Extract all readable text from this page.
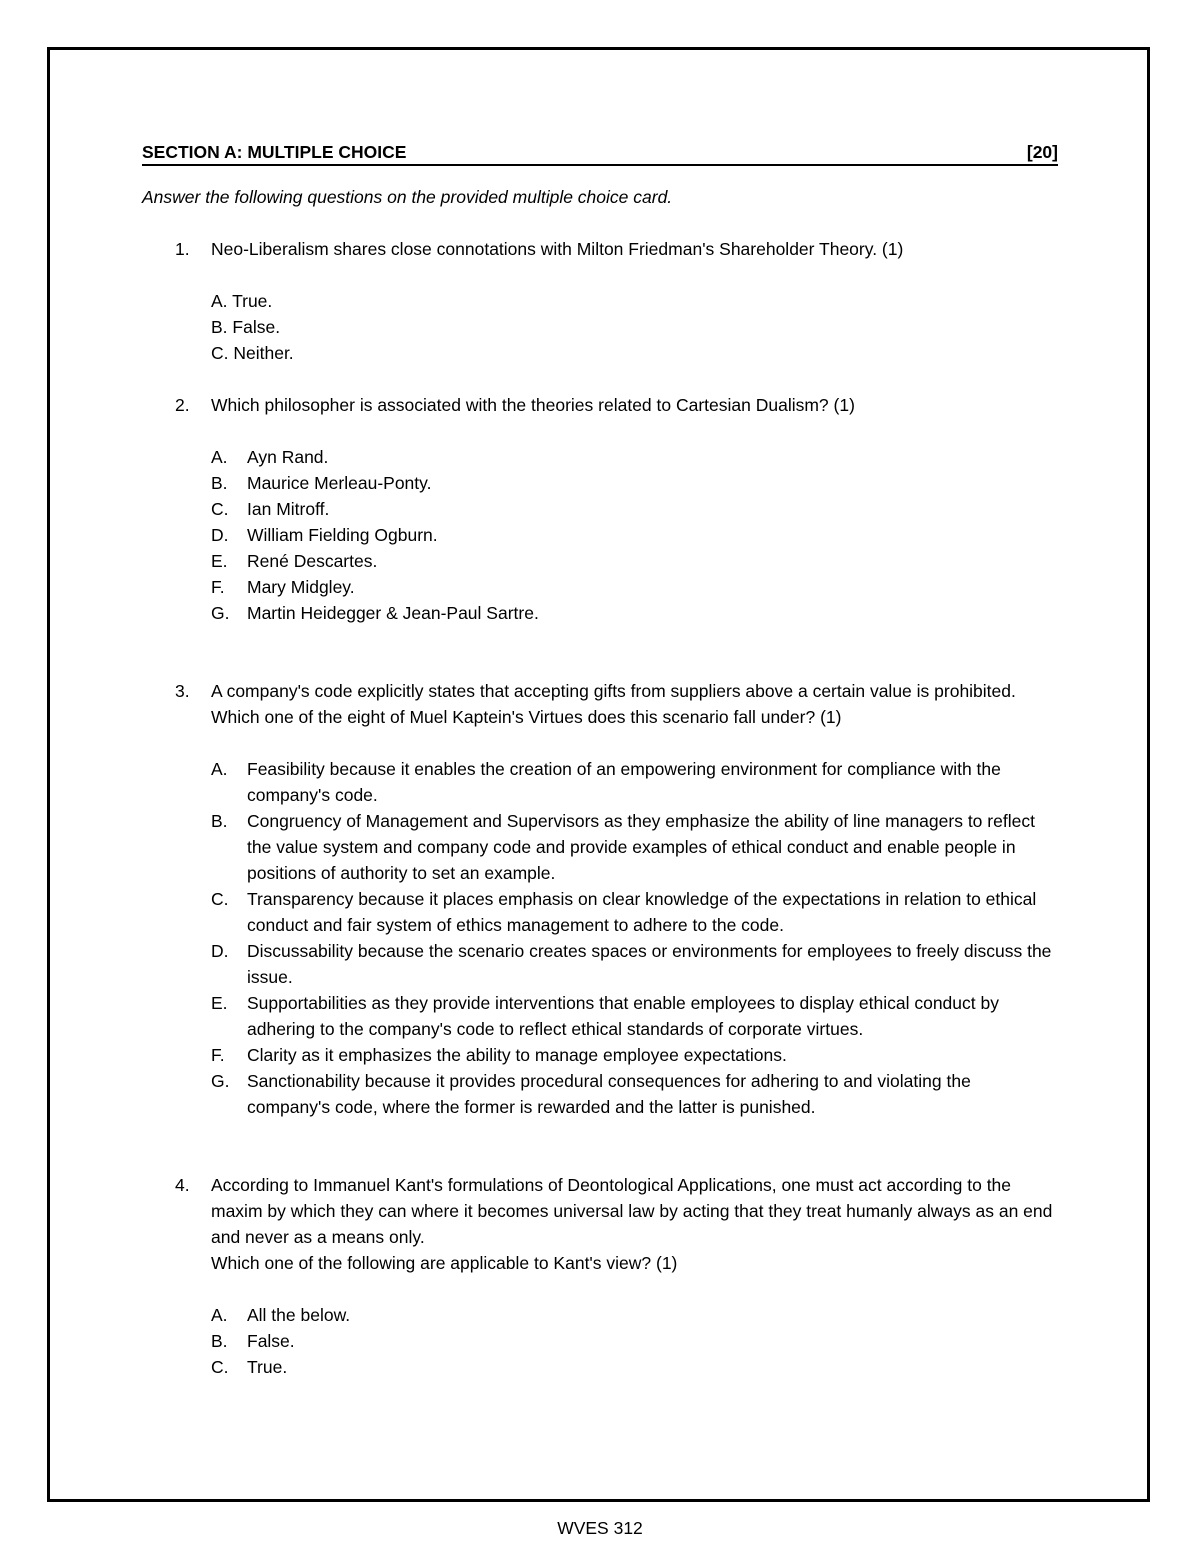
SECTION A: MULTIPLE CHOICE	[20]
Answer the following questions on the provided multiple choice card.
1.	Neo-Liberalism shares close connotations with Milton Friedman's Shareholder Theory. (1)
A. True.
B. False.
C. Neither.
2.	Which philosopher is associated with the theories related to Cartesian Dualism? (1)
A.	Ayn Rand.
B.	Maurice Merleau-Ponty.
C.	Ian Mitroff.
D.	William Fielding Ogburn.
E.	René Descartes.
F.	Mary Midgley.
G.	Martin Heidegger & Jean-Paul Sartre.
3.	A company's code explicitly states that accepting gifts from suppliers above a certain value is prohibited. Which one of the eight of Muel Kaptein's Virtues does this scenario fall under? (1)
A.	Feasibility because it enables the creation of an empowering environment for compliance with the company's code.
B.	Congruency of Management and Supervisors as they emphasize the ability of line managers to reflect the value system and company code and provide examples of ethical conduct and enable people in positions of authority to set an example.
C.	Transparency because it places emphasis on clear knowledge of the expectations in relation to ethical conduct and fair system of ethics management to adhere to the code.
D.	Discussability because the scenario creates spaces or environments for employees to freely discuss the issue.
E.	Supportabilities as they provide interventions that enable employees to display ethical conduct by adhering to the company's code to reflect ethical standards of corporate virtues.
F.	Clarity as it emphasizes the ability to manage employee expectations.
G.	Sanctionability because it provides procedural consequences for adhering to and violating the company's code, where the former is rewarded and the latter is punished.
4.	According to Immanuel Kant's formulations of Deontological Applications, one must act according to the maxim by which they can where it becomes universal law by acting that they treat humanly always as an end and never as a means only.

Which one of the following are applicable to Kant's view? (1)

A.	All the below.
B.	False.
C.	True.
WVES 312
